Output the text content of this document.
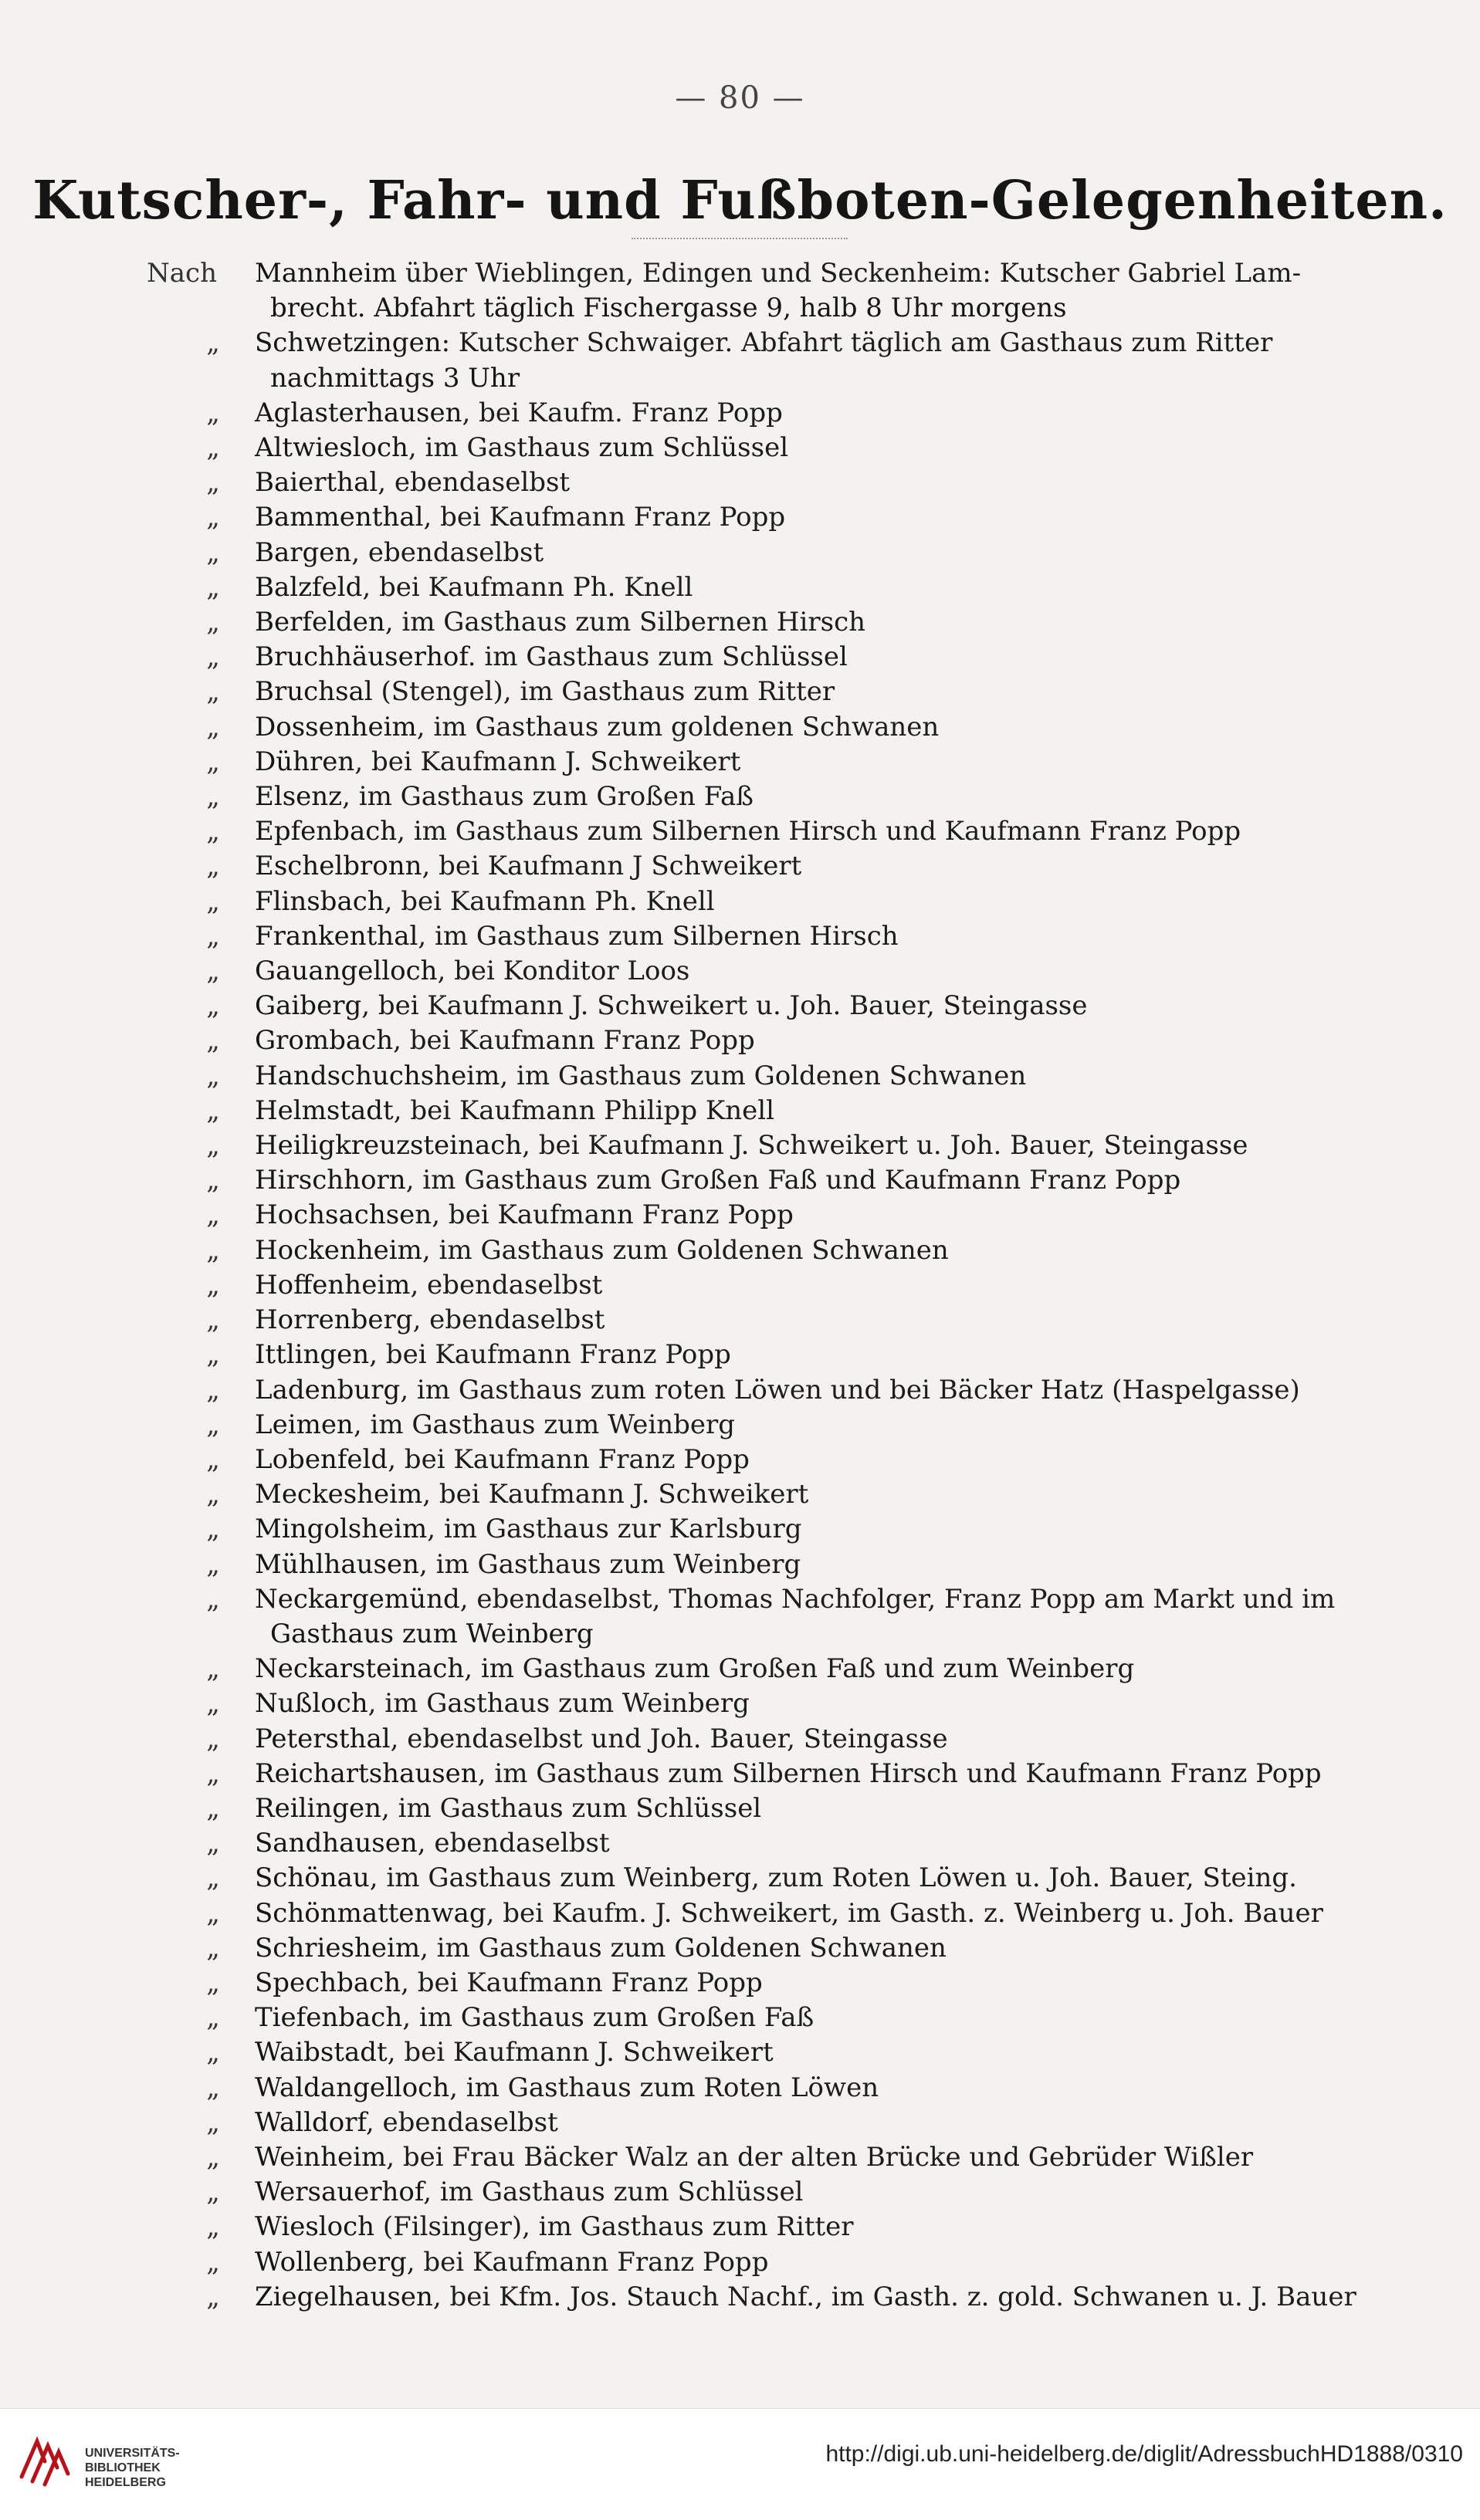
— 80 —
Kutscher-, Fahr- und Fußboten-Gelegenheiten.
Nach	Mannheim über Wieblingen, Edingen und Seckenheim: Kutscher Gabriel Lam-
brecht. Abfahrt täglich Fischergasse 9, halb 8 Uhr morgens
„	Schwetzingen: Kutscher Schwaiger. Abfahrt täglich am Gasthaus zum Ritter
nachmittags 3 Uhr
„	Aglasterhausen, bei Kaufm. Franz Popp
„	Altwiesloch, im Gasthaus zum Schlüssel
„	Baierthal, ebendaselbst
„	Bammenthal, bei Kaufmann Franz Popp
„	Bargen, ebendaselbst
„	Balzfeld, bei Kaufmann Ph. Knell
„	Berfelden, im Gasthaus zum Silbernen Hirsch
„	Bruchhäuserhof. im Gasthaus zum Schlüssel
„	Bruchsal (Stengel), im Gasthaus zum Ritter
„	Dossenheim, im Gasthaus zum goldenen Schwanen
„	Dühren, bei Kaufmann J. Schweikert
„	Elsenz, im Gasthaus zum Großen Faß
„	Epfenbach, im Gasthaus zum Silbernen Hirsch und Kaufmann Franz Popp
„	Eschelbronn, bei Kaufmann J Schweikert
„	Flinsbach, bei Kaufmann Ph. Knell
„	Frankenthal, im Gasthaus zum Silbernen Hirsch
„	Gauangelloch, bei Konditor Loos
„	Gaiberg, bei Kaufmann J. Schweikert u. Joh. Bauer, Steingasse
„	Grombach, bei Kaufmann Franz Popp
„	Handschuchsheim, im Gasthaus zum Goldenen Schwanen
„	Helmstadt, bei Kaufmann Philipp Knell
„	Heiligkreuzsteinach, bei Kaufmann J. Schweikert u. Joh. Bauer, Steingasse
„	Hirschhorn, im Gasthaus zum Großen Faß und Kaufmann Franz Popp
„	Hochsachsen, bei Kaufmann Franz Popp
„	Hockenheim, im Gasthaus zum Goldenen Schwanen
„	Hoffenheim, ebendaselbst
„	Horrenberg, ebendaselbst
„	Ittlingen, bei Kaufmann Franz Popp
„	Ladenburg, im Gasthaus zum roten Löwen und bei Bäcker Hatz (Haspelgasse)
„	Leimen, im Gasthaus zum Weinberg
„	Lobenfeld, bei Kaufmann Franz Popp
„	Meckesheim, bei Kaufmann J. Schweikert
„	Mingolsheim, im Gasthaus zur Karlsburg
„	Mühlhausen, im Gasthaus zum Weinberg
„	Neckargemünd, ebendaselbst, Thomas Nachfolger, Franz Popp am Markt und im
Gasthaus zum Weinberg
„	Neckarsteinach, im Gasthaus zum Großen Faß und zum Weinberg
„	Nußloch, im Gasthaus zum Weinberg
„	Petersthal, ebendaselbst und Joh. Bauer, Steingasse
„	Reichartshausen, im Gasthaus zum Silbernen Hirsch und Kaufmann Franz Popp
„	Reilingen, im Gasthaus zum Schlüssel
„	Sandhausen, ebendaselbst
„	Schönau, im Gasthaus zum Weinberg, zum Roten Löwen u. Joh. Bauer, Steing.
„	Schönmattenwag, bei Kaufm. J. Schweikert, im Gasth. z. Weinberg u. Joh. Bauer
„	Schriesheim, im Gasthaus zum Goldenen Schwanen
„	Spechbach, bei Kaufmann Franz Popp
„	Tiefenbach, im Gasthaus zum Großen Faß
„	Waibstadt, bei Kaufmann J. Schweikert
„	Waldangelloch, im Gasthaus zum Roten Löwen
„	Walldorf, ebendaselbst
„	Weinheim, bei Frau Bäcker Walz an der alten Brücke und Gebrüder Wißler
„	Wersauerhof, im Gasthaus zum Schlüssel
„	Wiesloch (Filsinger), im Gasthaus zum Ritter
„	Wollenberg, bei Kaufmann Franz Popp
„	Ziegelhausen, bei Kfm. Jos. Stauch Nachf., im Gasth. z. gold. Schwanen u. J. Bauer
UNIVERSITÄTS-
BIBLIOTHEK
HEIDELBERG
http://digi.ub.uni-heidelberg.de/diglit/AdressbuchHD1888/0310
